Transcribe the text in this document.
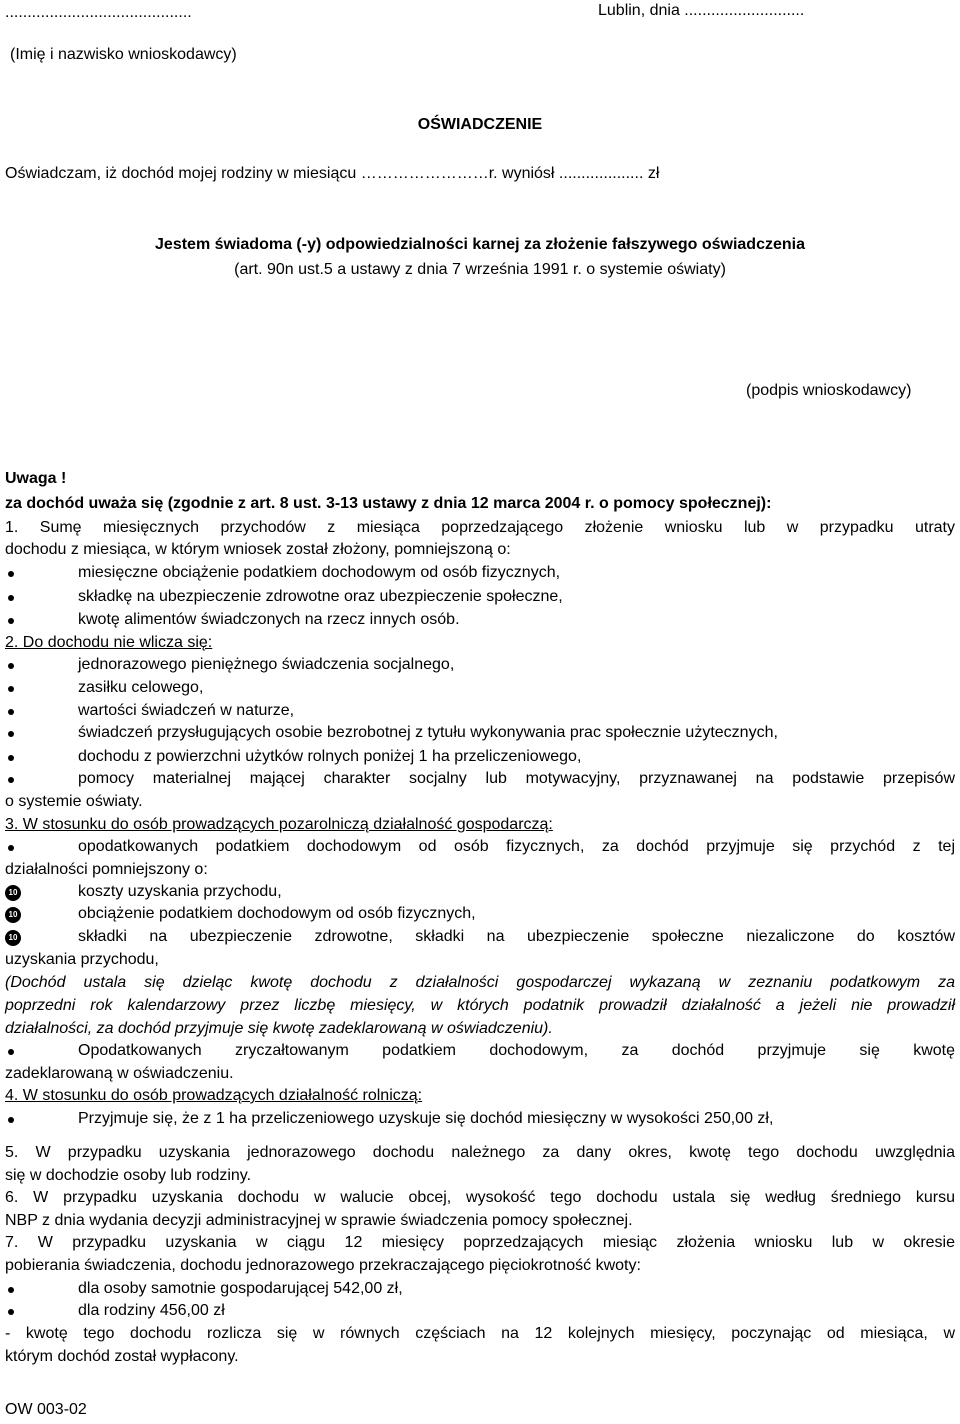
..........................................
(Imię i nazwisko wnioskodawcy)
Lublin, dnia ...........................
OŚWIADCZENIE
Oświadczam, iż dochód mojej rodziny w miesiącu ……………………r. wyniósł ................... zł
Jestem świadoma (-y) odpowiedzialności karnej za złożenie fałszywego oświadczenia
(art. 90n ust.5 a ustawy z dnia 7 września 1991 r. o systemie oświaty)
(podpis wnioskodawcy)
Uwaga !
za dochód uważa się (zgodnie z art. 8 ust. 3-13 ustawy z dnia 12 marca 2004 r. o pomocy społecznej):
1. Sumę miesięcznych przychodów z miesiąca poprzedzającego złożenie wniosku lub w przypadku utraty
dochodu z miesiąca, w którym wniosek został złożony, pomniejszoną o:
miesięczne obciążenie podatkiem dochodowym od osób fizycznych,
składkę na ubezpieczenie zdrowotne oraz ubezpieczenie społeczne,
kwotę alimentów świadczonych na rzecz innych osób.
2. Do dochodu nie wlicza się:
jednorazowego pieniężnego świadczenia socjalnego,
zasiłku celowego,
wartości świadczeń w naturze,
świadczeń przysługujących osobie bezrobotnej z tytułu wykonywania prac społecznie użytecznych,
dochodu z powierzchni użytków rolnych poniżej 1 ha przeliczeniowego,
pomocy materialnej mającej charakter socjalny lub motywacyjny, przyznawanej na podstawie przepisów
o systemie oświaty.
3. W stosunku do osób prowadzących pozarolniczą działalność gospodarczą:
opodatkowanych podatkiem dochodowym od osób fizycznych, za dochód przyjmuje się przychód z tej
działalności pomniejszony o:
10	koszty uzyskania przychodu,
10	obciążenie podatkiem dochodowym od osób fizycznych,
10	składki na ubezpieczenie zdrowotne, składki na ubezpieczenie społeczne niezaliczone do kosztów
uzyskania przychodu,
(Dochód ustala się dzieląc kwotę dochodu z działalności gospodarczej wykazaną w zeznaniu podatkowym za
poprzedni rok kalendarzowy przez liczbę miesięcy, w których podatnik prowadził działalność a jeżeli nie prowadził
działalności, za dochód przyjmuje się kwotę zadeklarowaną w oświadczeniu).
Opodatkowanych zryczałtowanym podatkiem dochodowym, za dochód przyjmuje się kwotę
zadeklarowaną w oświadczeniu.
4. W stosunku do osób prowadzących działalność rolniczą:
Przyjmuje się, że z 1 ha przeliczeniowego uzyskuje się dochód miesięczny w wysokości 250,00 zł,
5. W przypadku uzyskania jednorazowego dochodu należnego za dany okres, kwotę tego dochodu uwzględnia
się w dochodzie osoby lub rodziny.
6. W przypadku uzyskania dochodu w walucie obcej, wysokość tego dochodu ustala się według średniego kursu
NBP z dnia wydania decyzji administracyjnej w sprawie świadczenia pomocy społecznej.
7. W przypadku uzyskania w ciągu 12 miesięcy poprzedzających miesiąc złożenia wniosku lub w okresie
pobierania świadczenia, dochodu jednorazowego przekraczającego pięciokrotność kwoty:
dla osoby samotnie gospodarującej 542,00 zł,
dla rodziny 456,00 zł
- kwotę tego dochodu rozlicza się w równych częściach na 12 kolejnych miesięcy, poczynając od miesiąca, w
którym dochód został wypłacony.
OW 003-02
